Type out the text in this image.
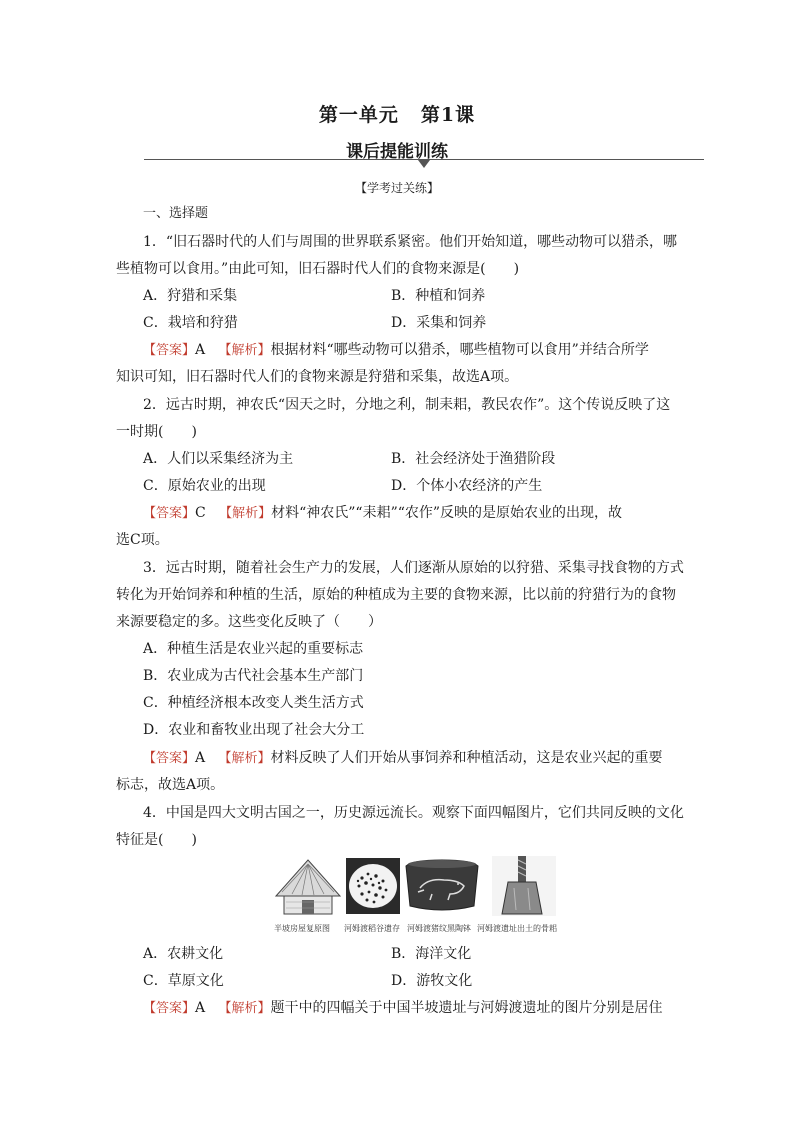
第一单元 第1课
课后提能训练
【学考过关练】
一、选择题
1．“旧石器时代的人们与周围的世界联系紧密。他们开始知道，哪些动物可以猎杀，哪
些植物可以食用。”由此可知，旧石器时代人们的食物来源是(　　)
A．狩猎和采集	B．种植和饲养
C．栽培和狩猎	D．采集和饲养
【答案】A 【解析】根据材料“哪些动物可以猎杀，哪些植物可以食用”并结合所学
知识可知，旧石器时代人们的食物来源是狩猎和采集，故选A项。
2．远古时期，神农氏“因天之时，分地之利，制耒耜，教民农作”。这个传说反映了这
一时期(　　)
A．人们以采集经济为主	B．社会经济处于渔猎阶段
C．原始农业的出现	D．个体小农经济的产生
【答案】C 【解析】材料“神农氏”“耒耜”“农作”反映的是原始农业的出现，故
选C项。
3．远古时期，随着社会生产力的发展，人们逐渐从原始的以狩猎、采集寻找食物的方式
转化为开始饲养和种植的生活，原始的种植成为主要的食物来源，比以前的狩猎行为的食物
来源要稳定的多。这些变化反映了（　　）
A．种植生活是农业兴起的重要标志
B．农业成为古代社会基本生产部门
C．种植经济根本改变人类生活方式
D．农业和畜牧业出现了社会大分工
【答案】A 【解析】材料反映了人们开始从事饲养和种植活动，这是农业兴起的重要
标志，故选A项。
4．中国是四大文明古国之一，历史源远流长。观察下面四幅图片，它们共同反映的文化
特征是(　　)
半坡房屋复原图 河姆渡稻谷遗存 河姆渡猪纹黑陶钵 河姆渡遗址出土的骨耜
A．农耕文化	B．海洋文化
C．草原文化	D．游牧文化
【答案】A 【解析】题干中的四幅关于中国半坡遗址与河姆渡遗址的图片分别是居住
